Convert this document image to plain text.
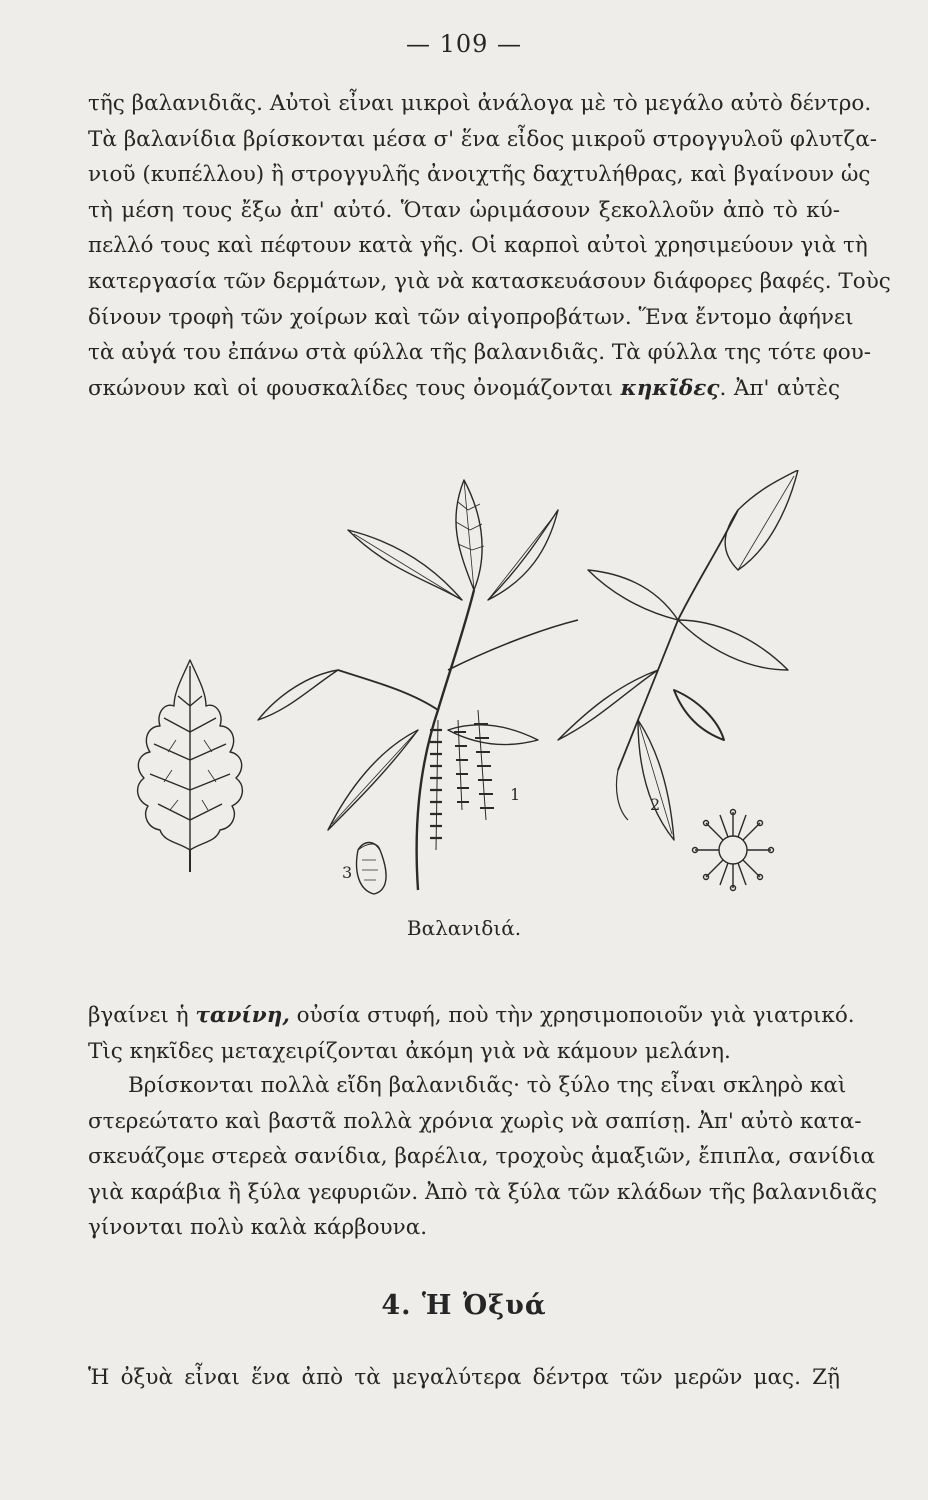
— 109 —

τῆς βαλανιδιᾶς. Αὐτοὶ εἶναι μικροὶ ἀνάλογα μὲ τὸ μεγάλο αὐτὸ δέντρο.
Τὰ βαλανίδια βρίσκονται μέσα σ' ἕνα εἶδος μικροῦ στρογγυλοῦ φλυτζα-
νιοῦ (κυπέλλου) ἢ στρογγυλῆς ἀνοιχτῆς δαχτυλήθρας, καὶ βγαίνουν ὡς
τὴ μέση τους ἔξω ἀπ' αὐτό. Ὅταν ὡριμάσουν ξεκολλοῦν ἀπὸ τὸ κύ-
πελλό τους καὶ πέφτουν κατὰ γῆς. Οἱ καρποὶ αὐτοὶ χρησιμεύουν γιὰ τὴ
κατεργασία τῶν δερμάτων, γιὰ νὰ κατασκευάσουν διάφορες βαφές. Τοὺς
δίνουν τροφὴ τῶν χοίρων καὶ τῶν αἰγοπροβάτων. Ἕνα ἔντομο ἀφήνει
τὰ αὐγά του ἐπάνω στὰ φύλλα τῆς βαλανιδιᾶς. Τὰ φύλλα της τότε φου-
σκώνουν καὶ οἱ φουσκαλίδες τους ὀνομάζονται κηκῖδες. Ἀπ' αὐτὲς

1
2
3
Βαλανιδιά.

βγαίνει ἡ τανίνη, οὐσία στυφή, ποὺ τὴν χρησιμοποιοῦν γιὰ γιατρικό.
Τὶς κηκῖδες μεταχειρίζονται ἀκόμη γιὰ νὰ κάμουν μελάνη.

Βρίσκονται πολλὰ εἴδη βαλανιδιᾶς· τὸ ξύλο της εἶναι σκληρὸ καὶ
στερεώτατο καὶ βαστᾶ πολλὰ χρόνια χωρὶς νὰ σαπίσῃ. Ἀπ' αὐτὸ κατα-
σκευάζομε στερεὰ σανίδια, βαρέλια, τροχοὺς ἁμαξιῶν, ἔπιπλα, σανίδια
γιὰ καράβια ἢ ξύλα γεφυριῶν. Ἀπὸ τὰ ξύλα τῶν κλάδων τῆς βαλανιδιᾶς
γίνονται πολὺ καλὰ κάρβουνα.

4. Ἡ Ὀξυά

Ἡ ὀξυὰ εἶναι ἕνα ἀπὸ τὰ μεγαλύτερα δέντρα τῶν μερῶν μας. Ζῇ
